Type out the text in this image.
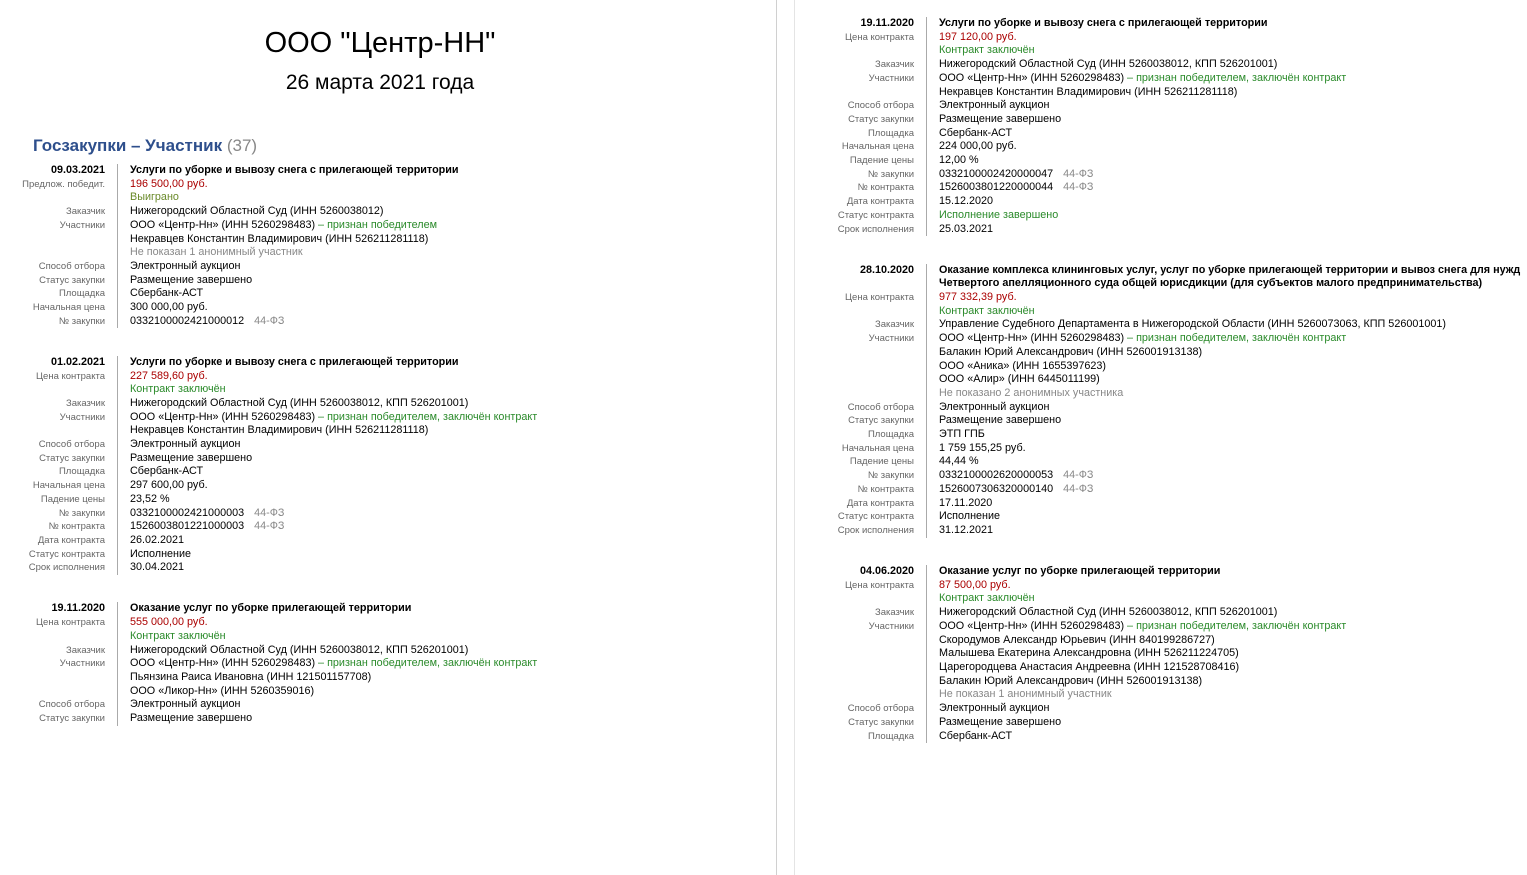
ООО "Центр-НН"
26 марта 2021 года
Госзакупки – Участник (37)
09.03.2021	Услуги по уборке и вывозу снега с прилегающей территории
Предлож. победит.	196 500,00 руб.
Выиграно
Заказчик	Нижегородский Областной Суд (ИНН 5260038012)
Участники	ООО «Центр-Нн» (ИНН 5260298483) – признан победителем
Некравцев Константин Владимирович (ИНН 526211281118)
Не показан 1 анонимный участник
Способ отбора	Электронный аукцион
Статус закупки	Размещение завершено
Площадка	Сбербанк-АСТ
Начальная цена	300 000,00 руб.
№ закупки	0332100002421000012 44-ФЗ
01.02.2021	Услуги по уборке и вывозу снега с прилегающей территории
Цена контракта	227 589,60 руб.
Контракт заключён
Заказчик	Нижегородский Областной Суд (ИНН 5260038012, КПП 526201001)
Участники	ООО «Центр-Нн» (ИНН 5260298483) – признан победителем, заключён контракт
Некравцев Константин Владимирович (ИНН 526211281118)
Способ отбора	Электронный аукцион
Статус закупки	Размещение завершено
Площадка	Сбербанк-АСТ
Начальная цена	297 600,00 руб.
Падение цены	23,52 %
№ закупки	0332100002421000003 44-ФЗ
№ контракта	1526003801221000003 44-ФЗ
Дата контракта	26.02.2021
Статус контракта	Исполнение
Срок исполнения	30.04.2021
19.11.2020	Оказание услуг по уборке прилегающей территории
Цена контракта	555 000,00 руб.
Контракт заключён
Заказчик	Нижегородский Областной Суд (ИНН 5260038012, КПП 526201001)
Участники	ООО «Центр-Нн» (ИНН 5260298483) – признан победителем, заключён контракт
Пьянзина Раиса Ивановна (ИНН 121501157708)
ООО «Ликор-Нн» (ИНН 5260359016)
Способ отбора	Электронный аукцион
Статус закупки	Размещение завершено
19.11.2020	Услуги по уборке и вывозу снега с прилегающей территории
Цена контракта	197 120,00 руб.
Контракт заключён
Заказчик	Нижегородский Областной Суд (ИНН 5260038012, КПП 526201001)
Участники	ООО «Центр-Нн» (ИНН 5260298483) – признан победителем, заключён контракт
Некравцев Константин Владимирович (ИНН 526211281118)
Способ отбора	Электронный аукцион
Статус закупки	Размещение завершено
Площадка	Сбербанк-АСТ
Начальная цена	224 000,00 руб.
Падение цены	12,00 %
№ закупки	0332100002420000047 44-ФЗ
№ контракта	1526003801220000044 44-ФЗ
Дата контракта	15.12.2020
Статус контракта	Исполнение завершено
Срок исполнения	25.03.2021
28.10.2020	Оказание комплекса клининговых услуг, услуг по уборке прилегающей территории и вывоз снега для нужд
Четвертого апелляционного суда общей юрисдикции (для субъектов малого предпринимательства)
Цена контракта	977 332,39 руб.
Контракт заключён
Заказчик	Управление Судебного Департамента в Нижегородской Области (ИНН 5260073063, КПП 526001001)
Участники	ООО «Центр-Нн» (ИНН 5260298483) – признан победителем, заключён контракт
Балакин Юрий Александрович (ИНН 526001913138)
ООО «Аника» (ИНН 1655397623)
ООО «Алир» (ИНН 6445011199)
Не показано 2 анонимных участника
Способ отбора	Электронный аукцион
Статус закупки	Размещение завершено
Площадка	ЭТП ГПБ
Начальная цена	1 759 155,25 руб.
Падение цены	44,44 %
№ закупки	0332100002620000053 44-ФЗ
№ контракта	1526007306320000140 44-ФЗ
Дата контракта	17.11.2020
Статус контракта	Исполнение
Срок исполнения	31.12.2021
04.06.2020	Оказание услуг по уборке прилегающей территории
Цена контракта	87 500,00 руб.
Контракт заключён
Заказчик	Нижегородский Областной Суд (ИНН 5260038012, КПП 526201001)
Участники	ООО «Центр-Нн» (ИНН 5260298483) – признан победителем, заключён контракт
Скородумов Александр Юрьевич (ИНН 840199286727)
Малышева Екатерина Александровна (ИНН 526211224705)
Царегородцева Анастасия Андреевна (ИНН 121528708416)
Балакин Юрий Александрович (ИНН 526001913138)
Не показан 1 анонимный участник
Способ отбора	Электронный аукцион
Статус закупки	Размещение завершено
Площадка	Сбербанк-АСТ
